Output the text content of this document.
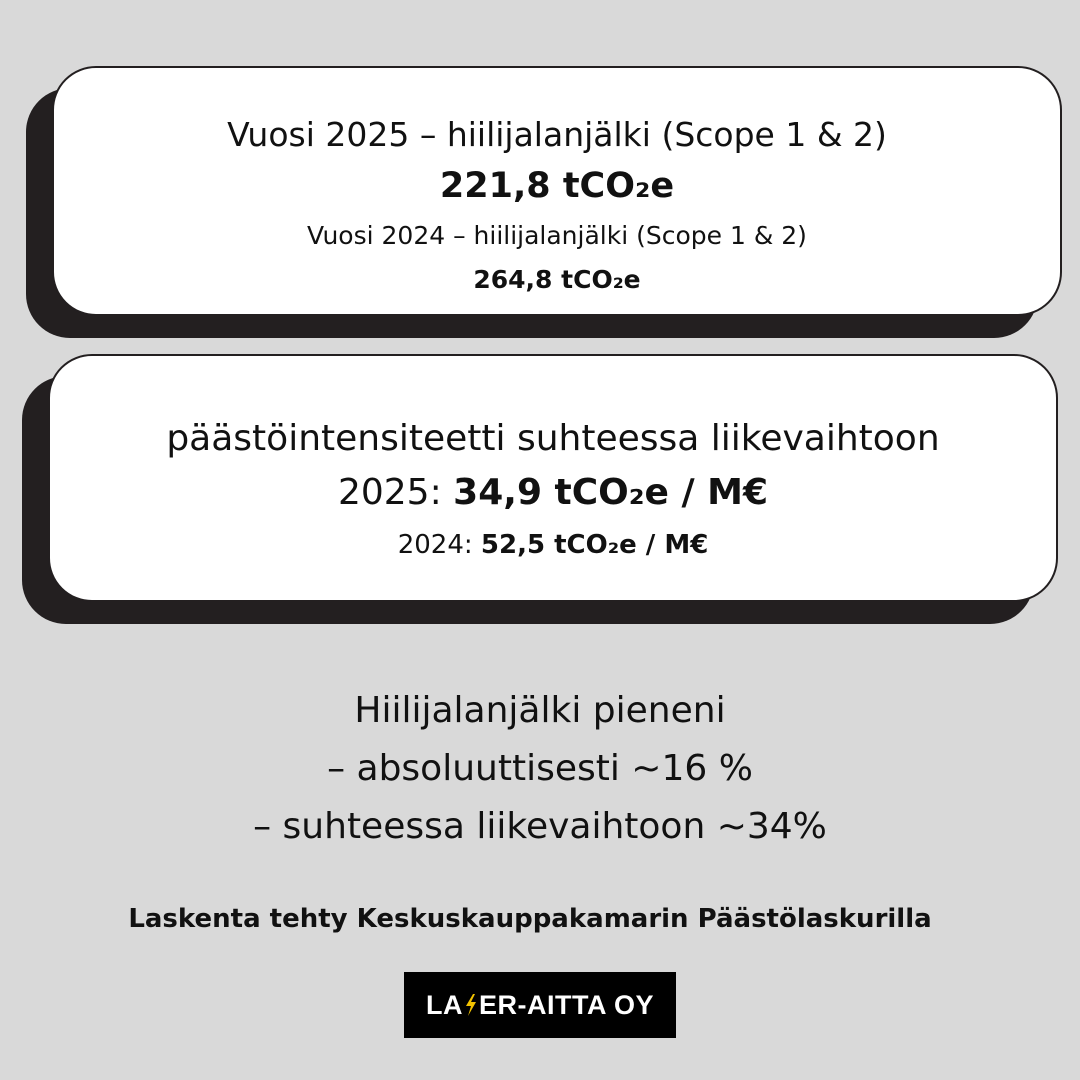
Vuosi 2025 – hiilijalanjälki (Scope 1 & 2)
221,8 tCO₂e
Vuosi 2024 – hiilijalanjälki (Scope 1 & 2)
264,8 tCO₂e
päästöintensiteetti suhteessa liikevaihtoon
2025: 34,9 tCO₂e / M€
2024: 52,5 tCO₂e / M€
Hiilijalanjälki pieneni
– absoluuttisesti ~16 %
– suhteessa liikevaihtoon ~34%
Laskenta tehty Keskuskauppakamarin Päästölaskurilla
LA ER-AITTA OY
